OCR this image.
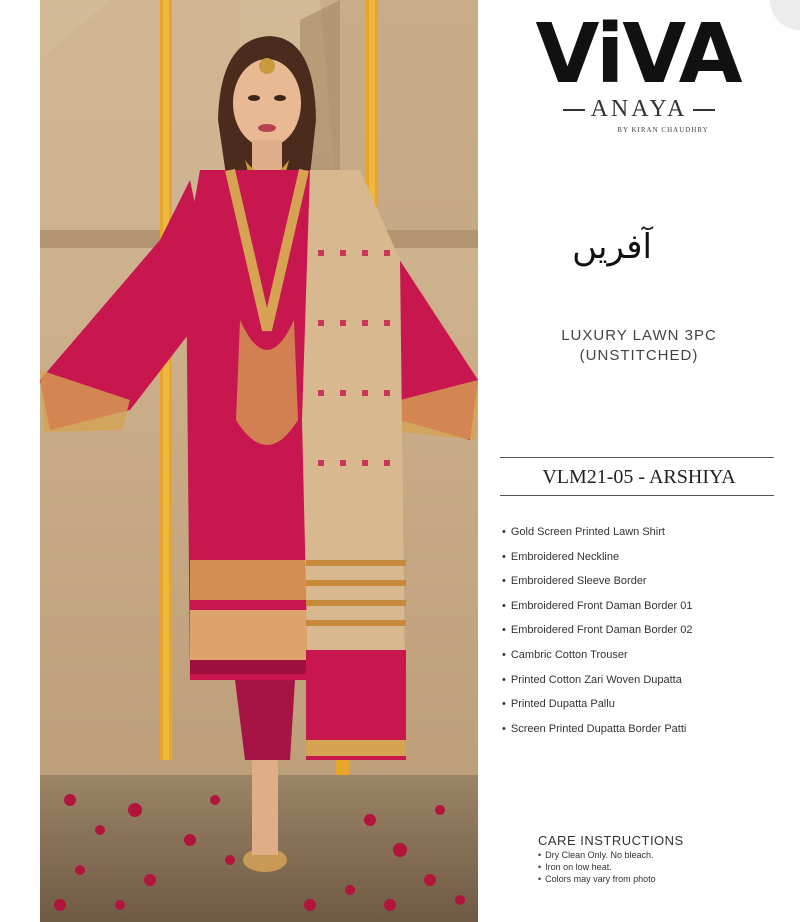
ViVA
ANAYA
BY KIRAN CHAUDHRY
آفریں
LUXURY LAWN 3PC
(UNSTITCHED)
VLM21-05 - ARSHIYA
• Gold Screen Printed Lawn Shirt
• Embroidered Neckline
• Embroidered Sleeve Border
• Embroidered Front Daman Border 01
• Embroidered Front Daman Border 02
• Cambric Cotton Trouser
• Printed Cotton Zari Woven Dupatta
• Printed Dupatta Pallu
• Screen Printed Dupatta Border Patti
CARE INSTRUCTIONS
• Dry Clean Only. No bleach.
• Iron on low heat.
• Colors may vary from photo
